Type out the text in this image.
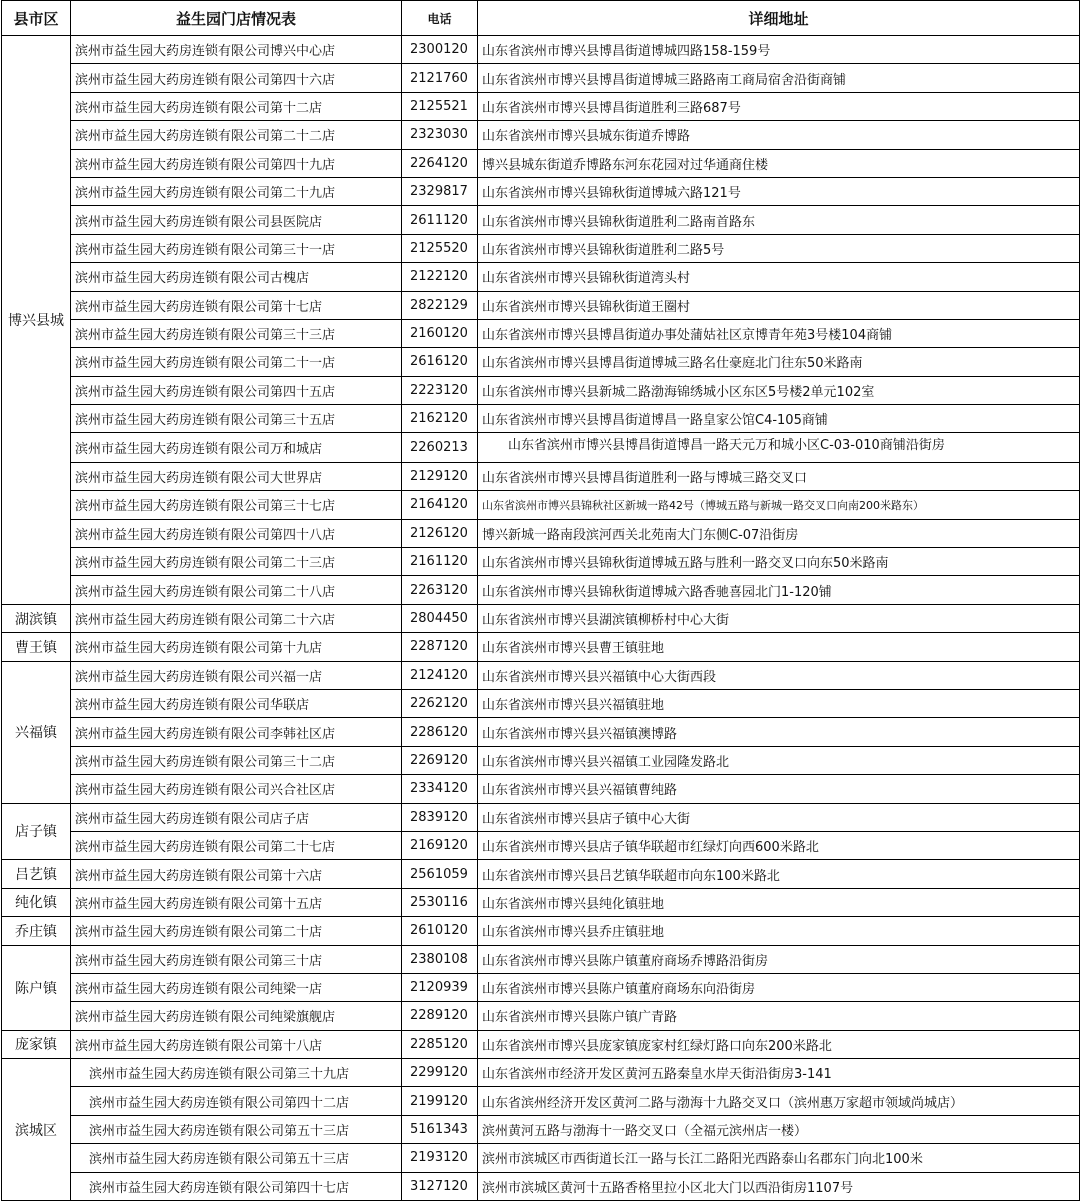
县市区	益生园门店情况表	电话	详细地址
博兴县城	滨州市益生园大药房连锁有限公司博兴中心店	2300120	山东省滨州市博兴县博昌街道博城四路158-159号
	滨州市益生园大药房连锁有限公司第四十六店	2121760	山东省滨州市博兴县博昌街道博城三路路南工商局宿舍沿街商铺
	滨州市益生园大药房连锁有限公司第十二店	2125521	山东省滨州市博兴县博昌街道胜利三路687号
	滨州市益生园大药房连锁有限公司第二十二店	2323030	山东省滨州市博兴县城东街道乔博路
	滨州市益生园大药房连锁有限公司第四十九店	2264120	博兴县城东街道乔博路东河东花园对过华通商住楼
	滨州市益生园大药房连锁有限公司第二十九店	2329817	山东省滨州市博兴县锦秋街道博城六路121号
	滨州市益生园大药房连锁有限公司县医院店	2611120	山东省滨州市博兴县锦秋街道胜利二路南首路东
	滨州市益生园大药房连锁有限公司第三十一店	2125520	山东省滨州市博兴县锦秋街道胜利二路5号
	滨州市益生园大药房连锁有限公司古槐店	2122120	山东省滨州市博兴县锦秋街道湾头村
	滨州市益生园大药房连锁有限公司第十七店	2822129	山东省滨州市博兴县锦秋街道王圈村
	滨州市益生园大药房连锁有限公司第三十三店	2160120	山东省滨州市博兴县博昌街道办事处蒲姑社区京博青年苑3号楼104商铺
	滨州市益生园大药房连锁有限公司第二十一店	2616120	山东省滨州市博兴县博昌街道博城三路名仕豪庭北门往东50米路南
	滨州市益生园大药房连锁有限公司第四十五店	2223120	山东省滨州市博兴县新城二路渤海锦绣城小区东区5号楼2单元102室
	滨州市益生园大药房连锁有限公司第三十五店	2162120	山东省滨州市博兴县博昌街道博昌一路皇家公馆C4-105商铺
	滨州市益生园大药房连锁有限公司万和城店	2260213	山东省滨州市博兴县博昌街道博昌一路天元万和城小区C-03-010商铺沿街房
	滨州市益生园大药房连锁有限公司大世界店	2129120	山东省滨州市博兴县博昌街道胜利一路与博城三路交叉口
	滨州市益生园大药房连锁有限公司第三十七店	2164120	山东省滨州市博兴县锦秋社区新城一路42号（博城五路与新城一路交叉口向南200米路东）
	滨州市益生园大药房连锁有限公司第四十八店	2126120	博兴新城一路南段滨河西关北苑南大门东侧C-07沿街房
	滨州市益生园大药房连锁有限公司第二十三店	2161120	山东省滨州市博兴县锦秋街道博城五路与胜利一路交叉口向东50米路南
	滨州市益生园大药房连锁有限公司第二十八店	2263120	山东省滨州市博兴县锦秋街道博城六路香驰喜园北门1-120铺
湖滨镇	滨州市益生园大药房连锁有限公司第二十六店	2804450	山东省滨州市博兴县湖滨镇柳桥村中心大街
曹王镇	滨州市益生园大药房连锁有限公司第十九店	2287120	山东省滨州市博兴县曹王镇驻地
兴福镇	滨州市益生园大药房连锁有限公司兴福一店	2124120	山东省滨州市博兴县兴福镇中心大街西段
	滨州市益生园大药房连锁有限公司华联店	2262120	山东省滨州市博兴县兴福镇驻地
	滨州市益生园大药房连锁有限公司李韩社区店	2286120	山东省滨州市博兴县兴福镇澳博路
	滨州市益生园大药房连锁有限公司第三十二店	2269120	山东省滨州市博兴县兴福镇工业园隆发路北
	滨州市益生园大药房连锁有限公司兴合社区店	2334120	山东省滨州市博兴县兴福镇曹纯路
店子镇	滨州市益生园大药房连锁有限公司店子店	2839120	山东省滨州市博兴县店子镇中心大街
	滨州市益生园大药房连锁有限公司第二十七店	2169120	山东省滨州市博兴县店子镇华联超市红绿灯向西600米路北
吕艺镇	滨州市益生园大药房连锁有限公司第十六店	2561059	山东省滨州市博兴县吕艺镇华联超市向东100米路北
纯化镇	滨州市益生园大药房连锁有限公司第十五店	2530116	山东省滨州市博兴县纯化镇驻地
乔庄镇	滨州市益生园大药房连锁有限公司第二十店	2610120	山东省滨州市博兴县乔庄镇驻地
陈户镇	滨州市益生园大药房连锁有限公司第三十店	2380108	山东省滨州市博兴县陈户镇董府商场乔博路沿街房
	滨州市益生园大药房连锁有限公司纯梁一店	2120939	山东省滨州市博兴县陈户镇董府商场东向沿街房
	滨州市益生园大药房连锁有限公司纯梁旗舰店	2289120	山东省滨州市博兴县陈户镇广青路
庞家镇	滨州市益生园大药房连锁有限公司第十八店	2285120	山东省滨州市博兴县庞家镇庞家村红绿灯路口向东200米路北
滨城区	滨州市益生园大药房连锁有限公司第三十九店	2299120	山东省滨州市经济开发区黄河五路秦皇水岸天街沿街房3-141
	滨州市益生园大药房连锁有限公司第四十二店	2199120	山东省滨州经济开发区黄河二路与渤海十九路交叉口（滨州惠万家超市领域尚城店）
	滨州市益生园大药房连锁有限公司第五十三店	5161343	滨州黄河五路与渤海十一路交叉口（全福元滨州店一楼）
	滨州市益生园大药房连锁有限公司第五十三店	2193120	滨州市滨城区市西街道长江一路与长江二路阳光西路泰山名郡东门向北100米
	滨州市益生园大药房连锁有限公司第四十七店	3127120	滨州市滨城区黄河十五路香格里拉小区北大门以西沿街房1107号
